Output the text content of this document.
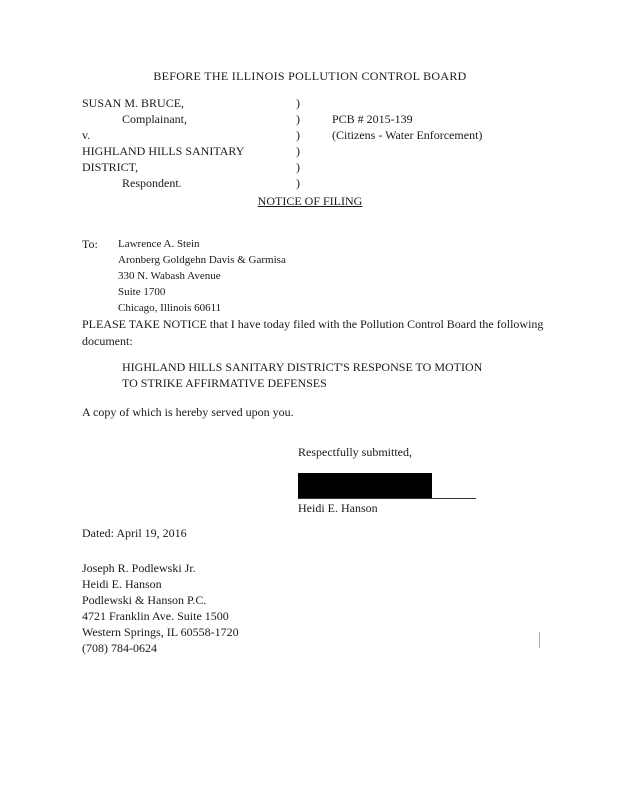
BEFORE THE ILLINOIS POLLUTION CONTROL BOARD
SUSAN M. BRUCE,
Complainant,
v.
HIGHLAND HILLS SANITARY
DISTRICT,
Respondent.
)
)
)
)
)
)
PCB # 2015-139
(Citizens - Water Enforcement)
NOTICE OF FILING
To: Lawrence A. Stein
Aronberg Goldgehn Davis & Garmisa
330 N. Wabash Avenue
Suite 1700
Chicago, Illinois 60611
PLEASE TAKE NOTICE that I have today filed with the Pollution Control Board the following document:
HIGHLAND HILLS SANITARY DISTRICT'S RESPONSE TO MOTION
TO STRIKE AFFIRMATIVE DEFENSES
A copy of which is hereby served upon you.
Respectfully submitted,
Heidi E. Hanson
Dated: April 19, 2016
Joseph R. Podlewski Jr.
Heidi E. Hanson
Podlewski & Hanson P.C.
4721 Franklin Ave. Suite 1500
Western Springs, IL 60558-1720
(708) 784-0624
